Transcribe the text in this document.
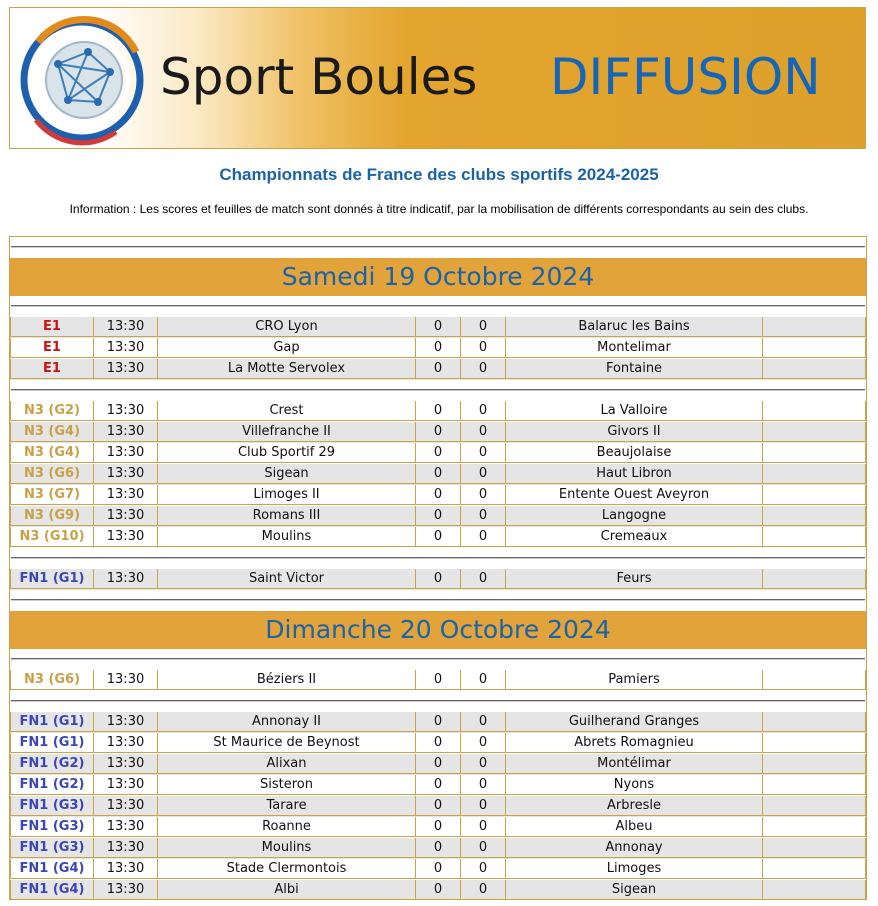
Sport Boules DIFFUSION
Championnats de France des clubs sportifs 2024-2025
Information : Les scores et feuilles de match sont donnés à titre indicatif, par la mobilisation de différents correspondants au sein des clubs.
Samedi 19 Octobre 2024
E1	13:30	CRO Lyon	0	0	Balaruc les Bains
E1	13:30	Gap	0	0	Montelimar
E1	13:30	La Motte Servolex	0	0	Fontaine
N3 (G2)	13:30	Crest	0	0	La Valloire
N3 (G4)	13:30	Villefranche II	0	0	Givors II
N3 (G4)	13:30	Club Sportif 29	0	0	Beaujolaise
N3 (G6)	13:30	Sigean	0	0	Haut Libron
N3 (G7)	13:30	Limoges II	0	0	Entente Ouest Aveyron
N3 (G9)	13:30	Romans III	0	0	Langogne
N3 (G10)	13:30	Moulins	0	0	Cremeaux
FN1 (G1)	13:30	Saint Victor	0	0	Feurs
Dimanche 20 Octobre 2024
N3 (G6)	13:30	Béziers II	0	0	Pamiers
FN1 (G1)	13:30	Annonay II	0	0	Guilherand Granges
FN1 (G1)	13:30	St Maurice de Beynost	0	0	Abrets Romagnieu
FN1 (G2)	13:30	Alixan	0	0	Montélimar
FN1 (G2)	13:30	Sisteron	0	0	Nyons
FN1 (G3)	13:30	Tarare	0	0	Arbresle
FN1 (G3)	13:30	Roanne	0	0	Albeu
FN1 (G3)	13:30	Moulins	0	0	Annonay
FN1 (G4)	13:30	Stade Clermontois	0	0	Limoges
FN1 (G4)	13:30	Albi	0	0	Sigean
